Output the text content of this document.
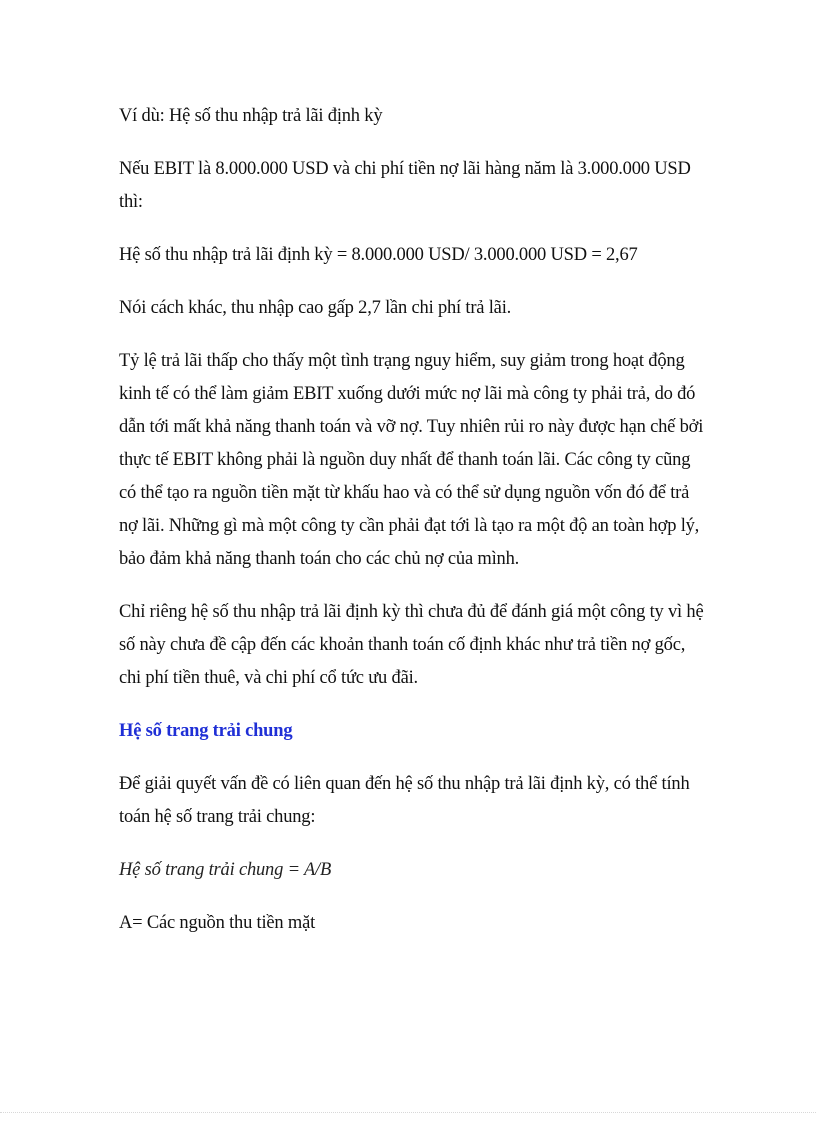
Ví dù: Hệ số thu nhập trả lãi định kỳ

Nếu EBIT là 8.000.000 USD và chi phí tiền nợ lãi hàng năm là 3.000.000 USD thì:

Hệ số thu nhập trả lãi định kỳ = 8.000.000 USD/ 3.000.000 USD = 2,67

Nói cách khác, thu nhập cao gấp 2,7 lần chi phí trả lãi.

Tỷ lệ trả lãi thấp cho thấy một tình trạng nguy hiểm, suy giảm trong hoạt động kinh tế có thể làm giảm EBIT xuống dưới mức nợ lãi mà công ty phải trả, do đó dẫn tới mất khả năng thanh toán và vỡ nợ. Tuy nhiên rủi ro này được hạn chế bởi thực tế EBIT không phải là nguồn duy nhất để thanh toán lãi. Các công ty cũng có thể tạo ra nguồn tiền mặt từ khấu hao và có thể sử dụng nguồn vốn đó để trả nợ lãi. Những gì mà một công ty cần phải đạt tới là tạo ra một độ an toàn hợp lý, bảo đảm khả năng thanh toán cho các chủ nợ của mình.

Chỉ riêng hệ số thu nhập trả lãi định kỳ thì chưa đủ để đánh giá một công ty vì hệ số này chưa đề cập đến các khoản thanh toán cố định khác như trả tiền nợ gốc, chi phí tiền thuê, và chi phí cổ tức ưu đãi.

Hệ số trang trải chung

Để giải quyết vấn đề có liên quan đến hệ số thu nhập trả lãi định kỳ, có thể tính toán hệ số trang trải chung:

Hệ số trang trải chung = A/B

A= Các nguồn thu tiền mặt
